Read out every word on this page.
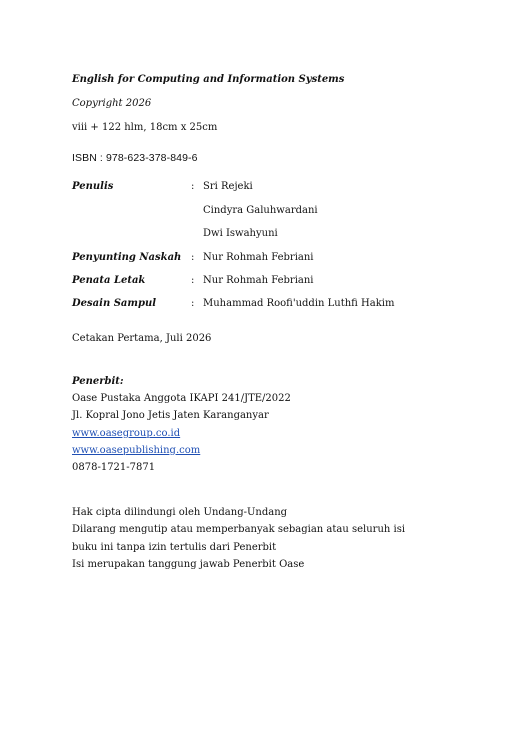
English for Computing and Information Systems
Copyright 2026
viii + 122 hlm, 18cm x 25cm
ISBN : 978-623-378-849-6
Penulis	: Sri Rejeki
Cindyra Galuhwardani
Dwi Iswahyuni
Penyunting Naskah : Nur Rohmah Febriani
Penata Letak	: Nur Rohmah Febriani
Desain Sampul	: Muhammad Roofi'uddin Luthfi Hakim
Cetakan Pertama, Juli 2026
Penerbit:
Oase Pustaka Anggota IKAPI 241/JTE/2022
Jl. Kopral Jono Jetis Jaten Karanganyar
www.oasegroup.co.id
www.oasepublishing.com
0878-1721-7871
Hak cipta dilindungi oleh Undang-Undang
Dilarang mengutip atau memperbanyak sebagian atau seluruh isi
buku ini tanpa izin tertulis dari Penerbit
Isi merupakan tanggung jawab Penerbit Oase
